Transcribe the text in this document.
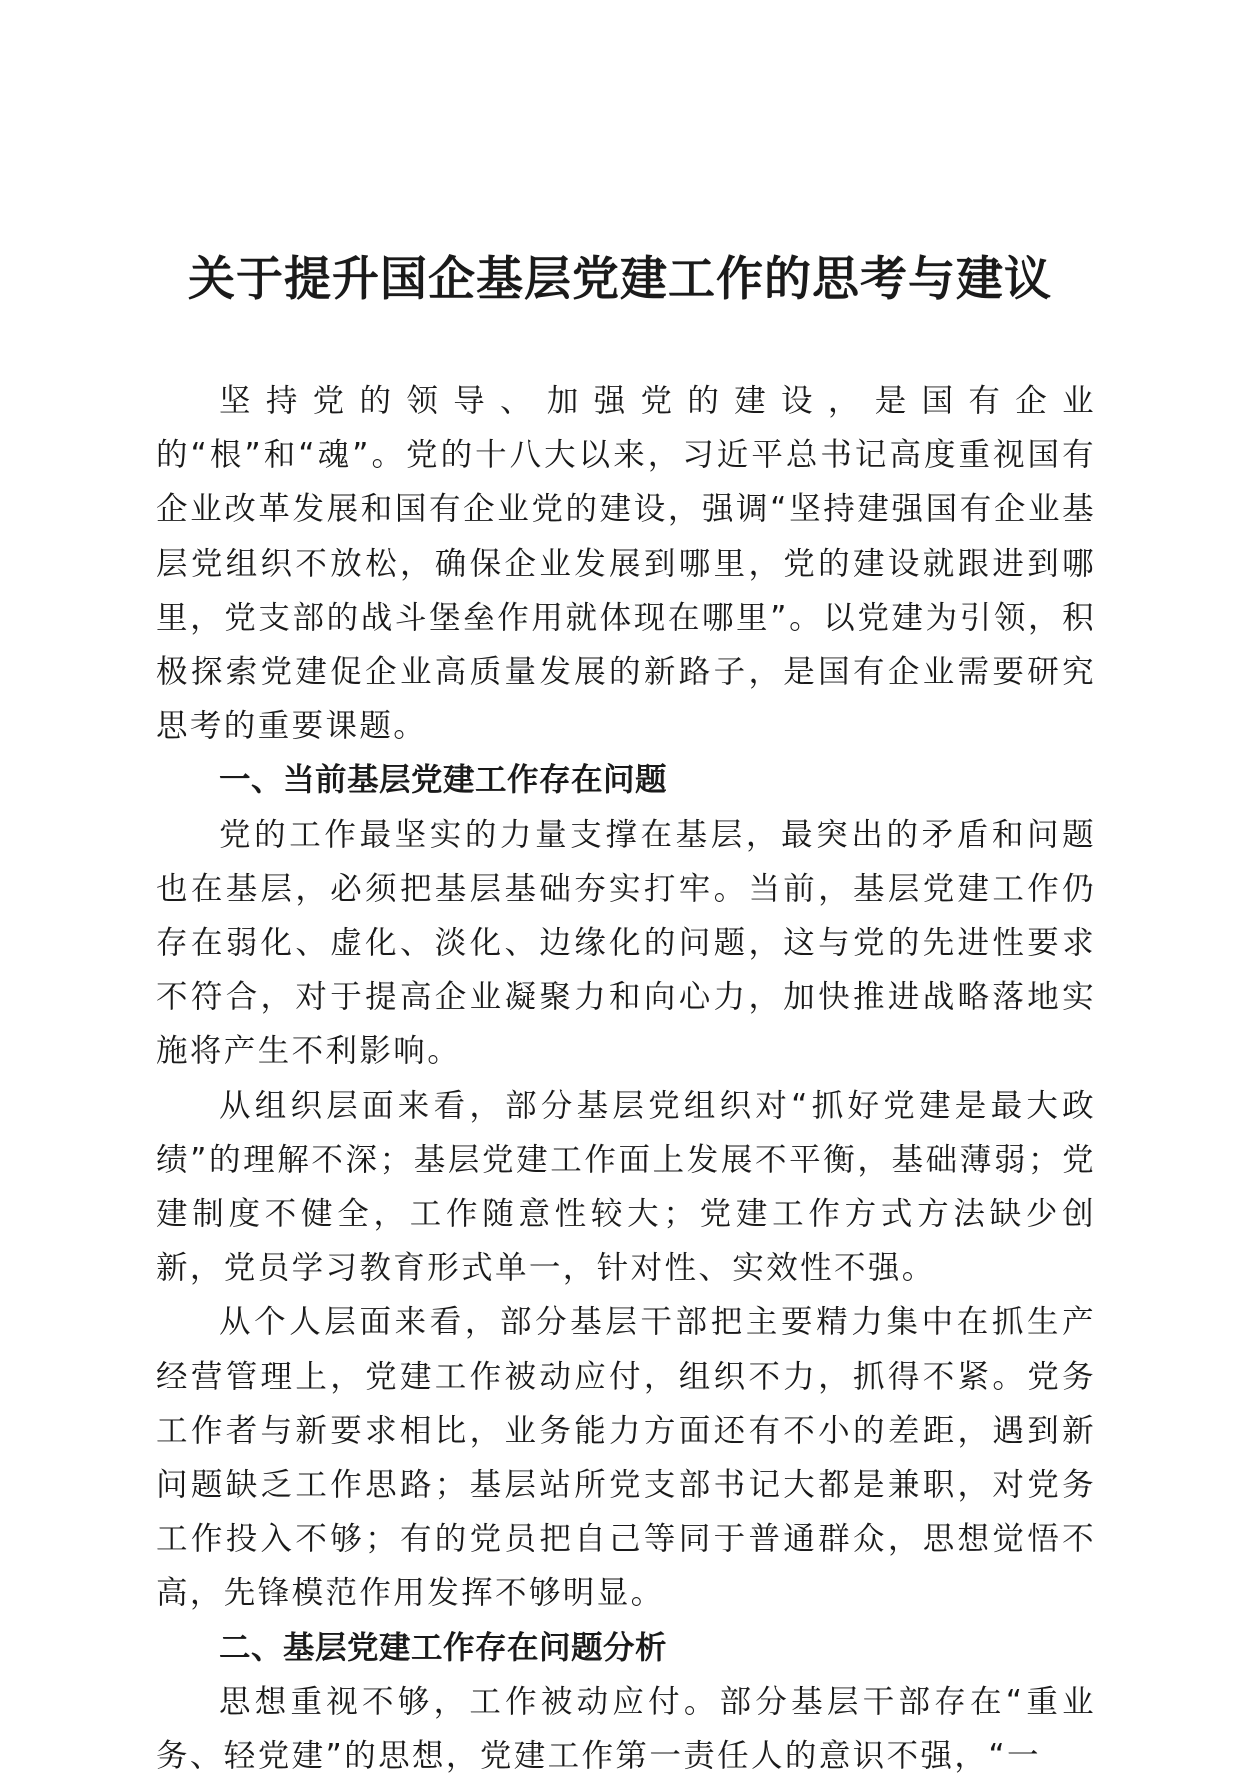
关于提升国企基层党建工作的思考与建议

坚持党的领导、加强党的建设，是国有企业的“根”和“魂”。党的十八大以来，习近平总书记高度重视国有企业改革发展和国有企业党的建设，强调“坚持建强国有企业基层党组织不放松，确保企业发展到哪里，党的建设就跟进到哪里，党支部的战斗堡垒作用就体现在哪里”。以党建为引领，积极探索党建促企业高质量发展的新路子，是国有企业需要研究思考的重要课题。

一、当前基层党建工作存在问题

党的工作最坚实的力量支撑在基层，最突出的矛盾和问题也在基层，必须把基层基础夯实打牢。当前，基层党建工作仍存在弱化、虚化、淡化、边缘化的问题，这与党的先进性要求不符合，对于提高企业凝聚力和向心力，加快推进战略落地实施将产生不利影响。

从组织层面来看，部分基层党组织对“抓好党建是最大政绩”的理解不深；基层党建工作面上发展不平衡，基础薄弱；党建制度不健全，工作随意性较大；党建工作方式方法缺少创新，党员学习教育形式单一，针对性、实效性不强。

从个人层面来看，部分基层干部把主要精力集中在抓生产经营管理上，党建工作被动应付，组织不力，抓得不紧。党务工作者与新要求相比，业务能力方面还有不小的差距，遇到新问题缺乏工作思路；基层站所党支部书记大都是兼职，对党务工作投入不够；有的党员把自己等同于普通群众，思想觉悟不高，先锋模范作用发挥不够明显。

二、基层党建工作存在问题分析

思想重视不够，工作被动应付。部分基层干部存在“重业务、轻党建”的思想，党建工作第一责任人的意识不强，“一
